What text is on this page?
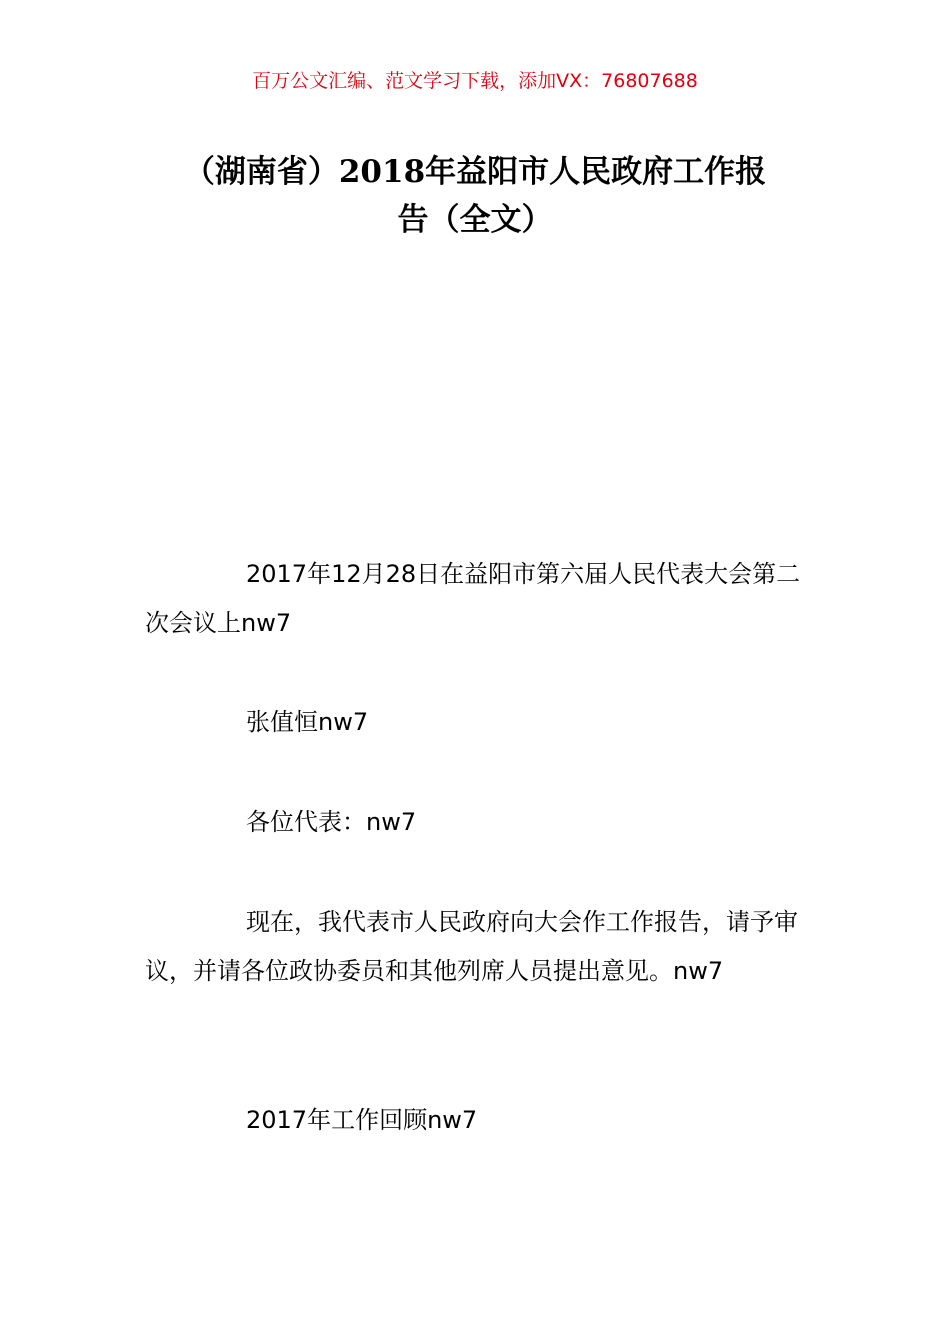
百万公文汇编、范文学习下载，添加VX：76807688
（湖南省）2018年益阳市人民政府工作报
告（全文）

2017年12月28日在益阳市第六届人民代表大会第二次会议上nw7

张值恒nw7

各位代表：nw7

现在，我代表市人民政府向大会作工作报告，请予审议，并请各位政协委员和其他列席人员提出意见。nw7

2017年工作回顾nw7
